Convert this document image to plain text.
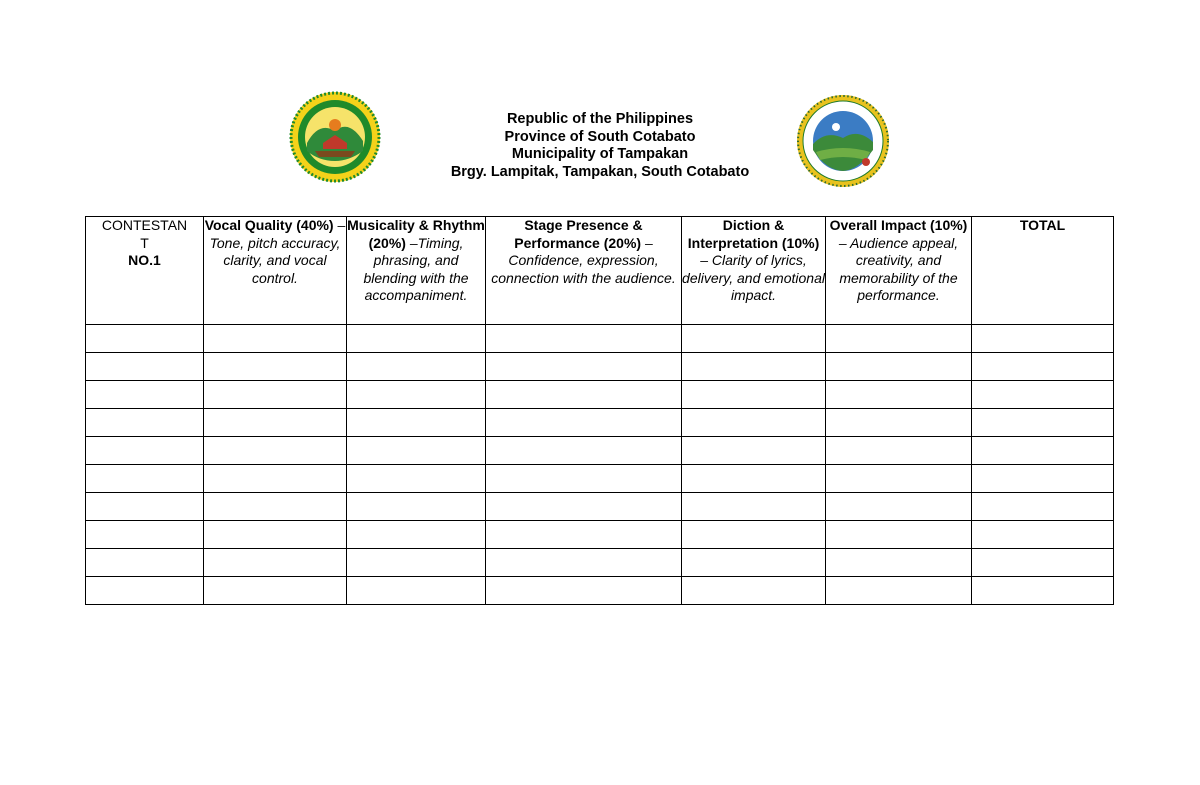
Republic of the Philippines
Province of South Cotabato
Municipality of Tampakan
Brgy. Lampitak, Tampakan, South Cotabato
CONTESTAN
T
NO.1	Vocal Quality (40%) – Tone, pitch accuracy, clarity, and vocal control.	Musicality & Rhythm (20%) –Timing, phrasing, and blending with the accompaniment.	Stage Presence & Performance (20%) – Confidence, expression, connection with the audience.	Diction & Interpretation (10%) – Clarity of lyrics, delivery, and emotional impact.	Overall Impact (10%) – Audience appeal, creativity, and memorability of the performance.	TOTAL
